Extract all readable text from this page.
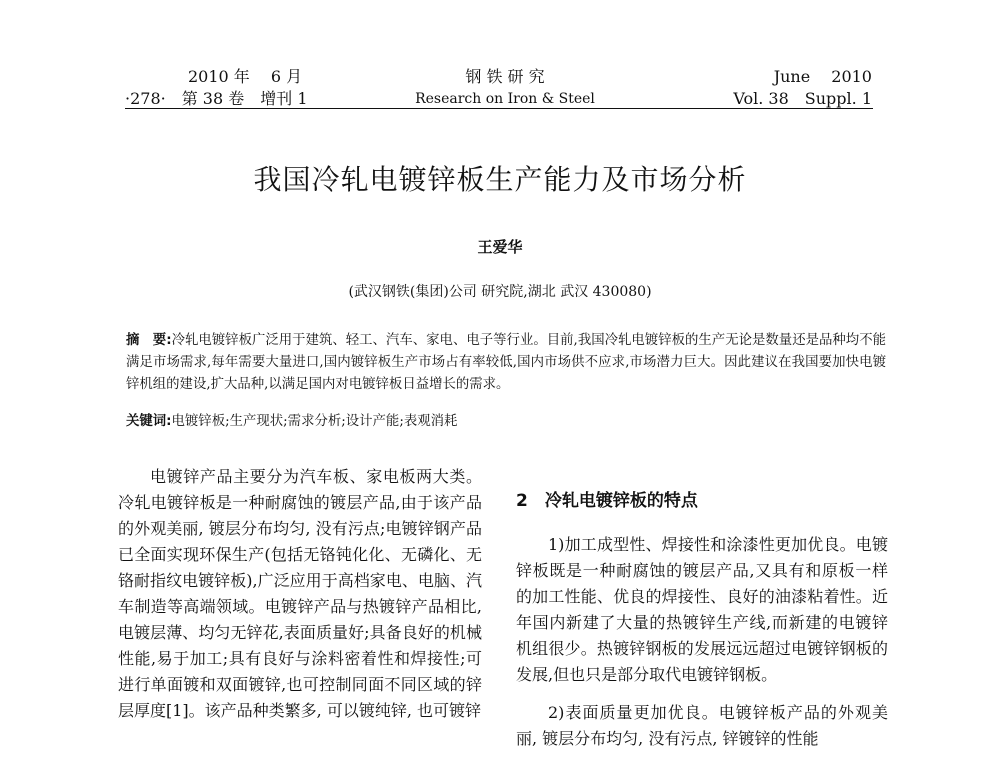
2010 年　 6 月
·278·　第 38 卷　增刊 1
钢 铁 研 究
Research on Iron & Steel
June　 2010
Vol. 38　Suppl. 1
我国冷轧电镀锌板生产能力及市场分析
王爱华
(武汉钢铁(集团)公司 研究院,湖北 武汉 430080)
摘　要:冷轧电镀锌板广泛用于建筑、轻工、汽车、家电、电子等行业。目前,我国冷轧电镀锌板的生产无论是数量还是品种均不能满足市场需求,每年需要大量进口,国内镀锌板生产市场占有率较低,国内市场供不应求,市场潜力巨大。因此建议在我国要加快电镀锌机组的建设,扩大品种,以满足国内对电镀锌板日益增长的需求。
关键词:电镀锌板;生产现状;需求分析;设计产能;表观消耗

电镀锌产品主要分为汽车板、家电板两大类。冷轧电镀锌板是一种耐腐蚀的镀层产品,由于该产品的外观美丽, 镀层分布均匀, 没有污点;电镀锌钢产品已全面实现环保生产(包括无铬钝化化、无磷化、无铬耐指纹电镀锌板),广泛应用于高档家电、电脑、汽车制造等高端领域。电镀锌产品与热镀锌产品相比,电镀层薄、均匀无锌花,表面质量好;具备良好的机械性能,易于加工;具有良好与涂料密着性和焊接性;可进行单面镀和双面镀锌,也可控制同面不同区域的锌层厚度[1]。该产品种类繁多, 可以镀纯锌, 也可镀锌

2　冷轧电镀锌板的特点

1)加工成型性、焊接性和涂漆性更加优良。电镀锌板既是一种耐腐蚀的镀层产品,又具有和原板一样的加工性能、优良的焊接性、良好的油漆粘着性。近年国内新建了大量的热镀锌生产线,而新建的电镀锌机组很少。热镀锌钢板的发展远远超过电镀锌钢板的发展,但也只是部分取代电镀锌钢板。

2)表面质量更加优良。电镀锌板产品的外观美丽, 镀层分布均匀, 没有污点, 锌镀锌的性能
